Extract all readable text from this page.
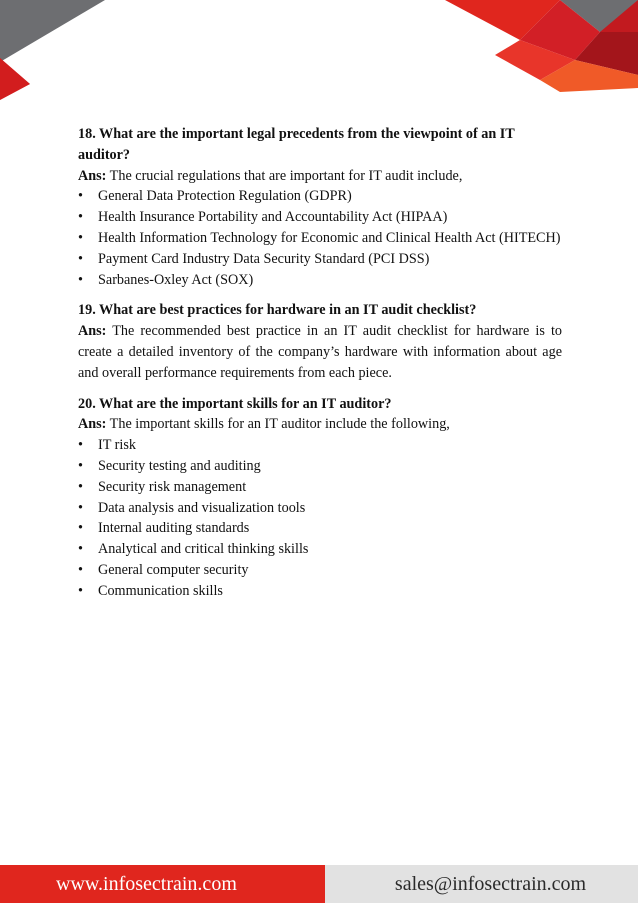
18. What are the important legal precedents from the viewpoint of an IT auditor?

Ans: The crucial regulations that are important for IT audit include,

• General Data Protection Regulation (GDPR)
• Health Insurance Portability and Accountability Act (HIPAA)
• Health Information Technology for Economic and Clinical Health Act (HITECH)
• Payment Card Industry Data Security Standard (PCI DSS)
• Sarbanes-Oxley Act (SOX)

19. What are best practices for hardware in an IT audit checklist?

Ans: The recommended best practice in an IT audit checklist for hardware is to create a detailed inventory of the company’s hardware with information about age and overall performance requirements from each piece.

20. What are the important skills for an IT auditor?

Ans: The important skills for an IT auditor include the following,

• IT risk
• Security testing and auditing
• Security risk management
• Data analysis and visualization tools
• Internal auditing standards
• Analytical and critical thinking skills
• General computer security
• Communication skills
www.infosectrain.com	sales@infosectrain.com
